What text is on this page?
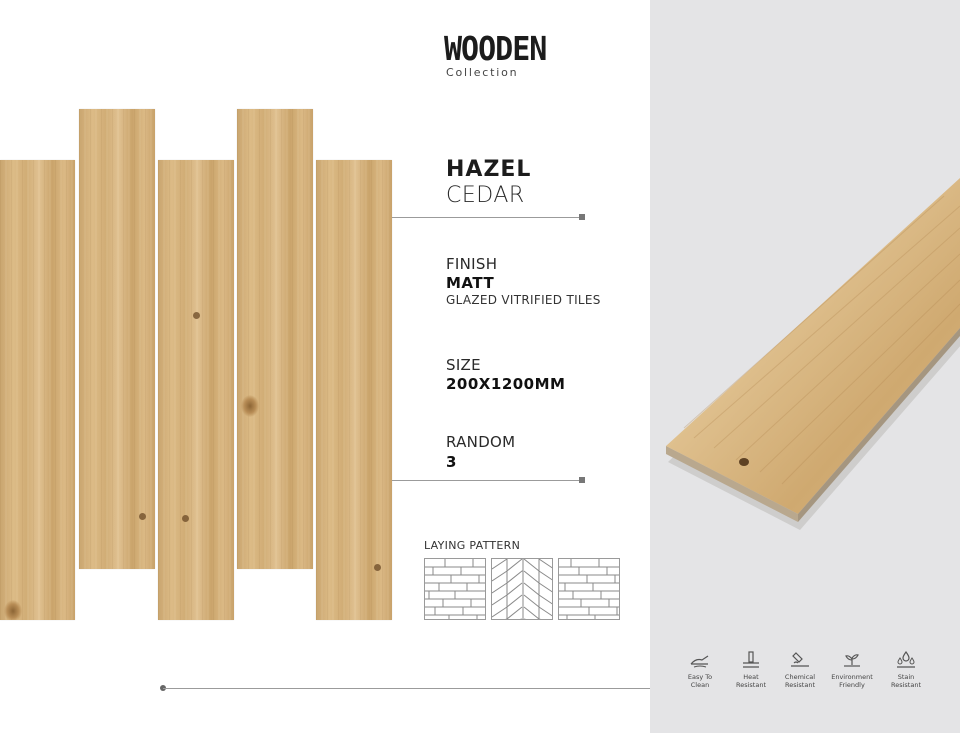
WOODEN
Collection
HAZEL
CEDAR
FINISH
MATT
GLAZED VITRIFIED TILES
SIZE
200X1200MM
RANDOM
3
LAYING PATTERN
Easy To
Clean
Heat
Resistant
Chemical
Resistant
Environment
Friendly
Stain
Resistant
